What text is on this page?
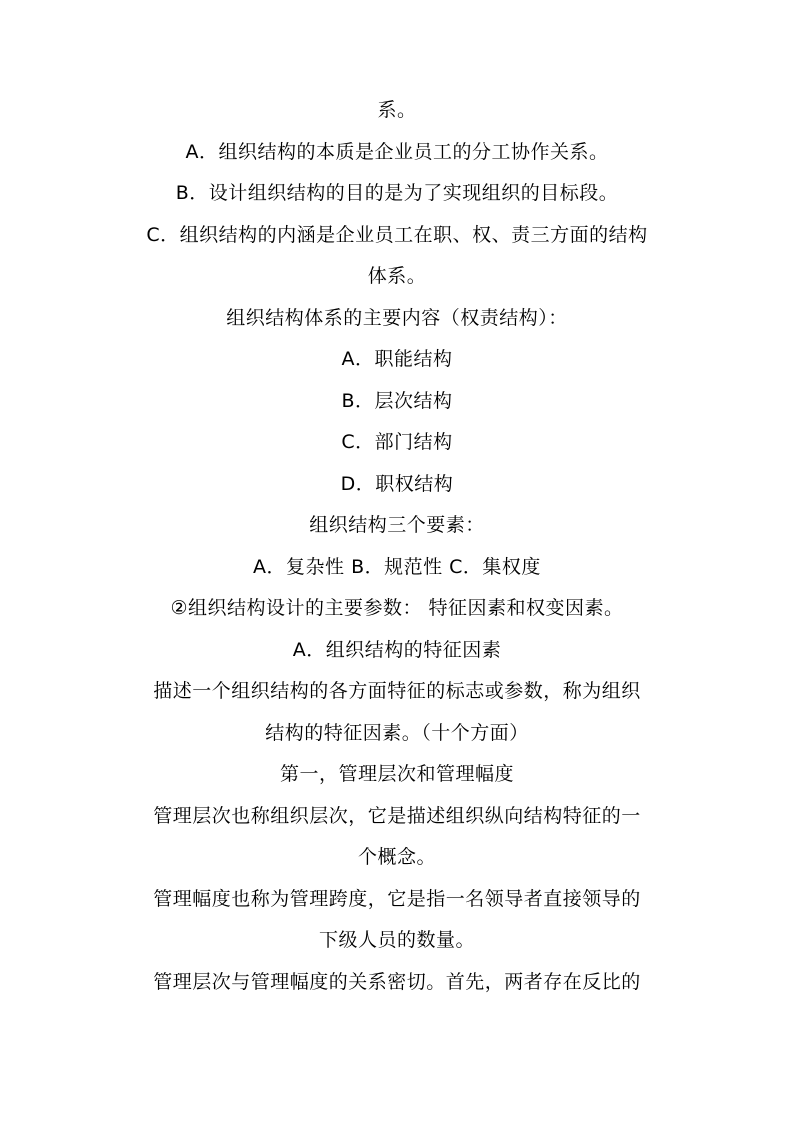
系。
A．组织结构的本质是企业员工的分工协作关系。
B．设计组织结构的目的是为了实现组织的目标段。
C．组织结构的内涵是企业员工在职、权、责三方面的结构
体系。
组织结构体系的主要内容（权责结构）：
A．职能结构
B．层次结构
C．部门结构
D．职权结构
组织结构三个要素：
A．复杂性 B．规范性 C．集权度
②组织结构设计的主要参数： 特征因素和权变因素。
A．组织结构的特征因素
描述一个组织结构的各方面特征的标志或参数，称为组织
结构的特征因素。（十个方面）
第一，管理层次和管理幅度
管理层次也称组织层次，它是描述组织纵向结构特征的一
个概念。
管理幅度也称为管理跨度，它是指一名领导者直接领导的
下级人员的数量。
管理层次与管理幅度的关系密切。首先，两者存在反比的
